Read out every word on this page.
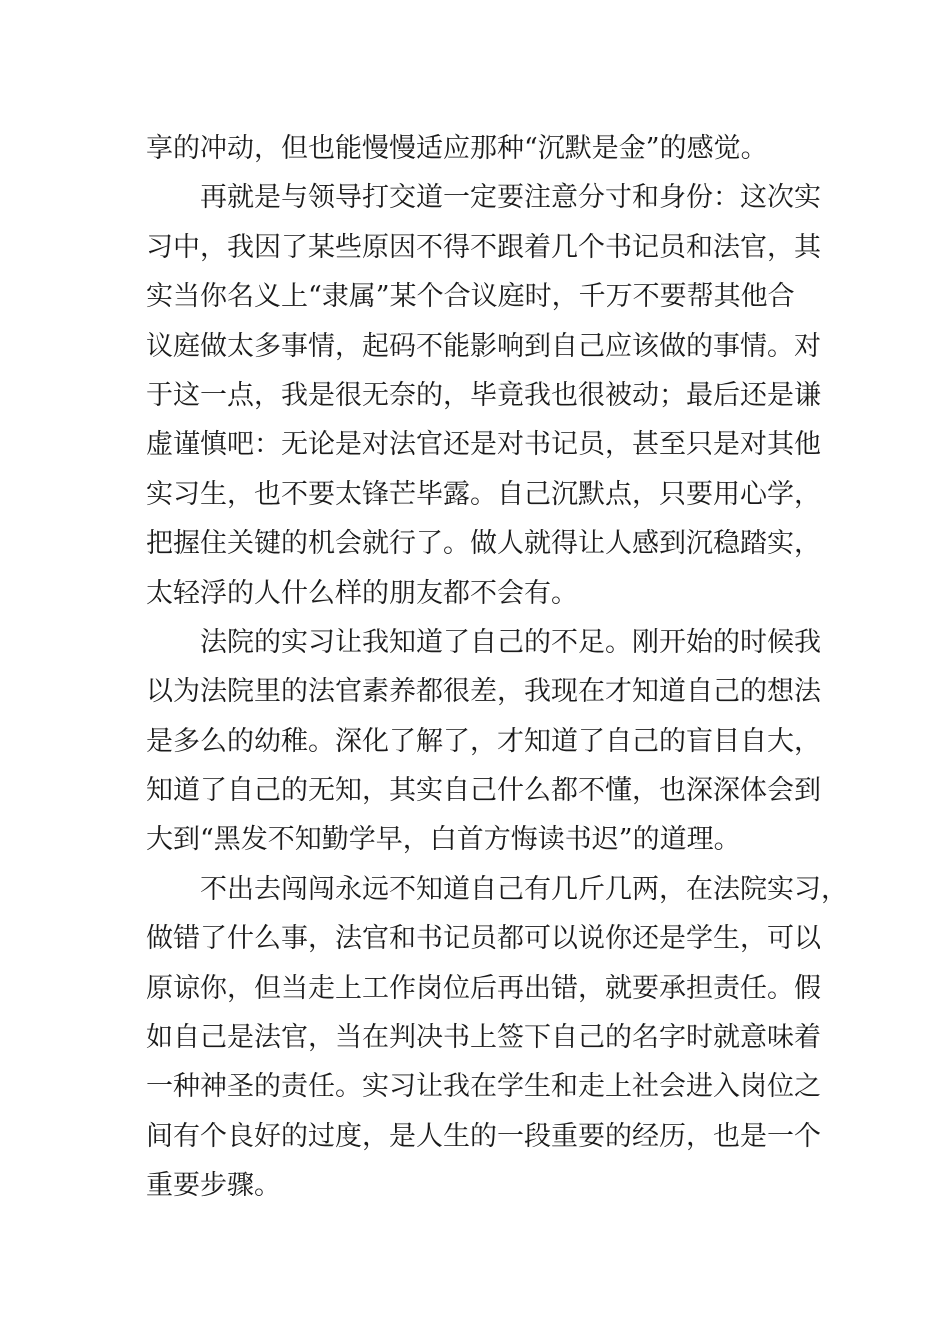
享的冲动，但也能慢慢适应那种“沉默是金”的感觉。
再就是与领导打交道一定要注意分寸和身份：这次实
习中，我因了某些原因不得不跟着几个书记员和法官，其
实当你名义上“隶属”某个合议庭时，千万不要帮其他合
议庭做太多事情，起码不能影响到自己应该做的事情。对
于这一点，我是很无奈的，毕竟我也很被动；最后还是谦
虚谨慎吧：无论是对法官还是对书记员，甚至只是对其他
实习生，也不要太锋芒毕露。自己沉默点，只要用心学，
把握住关键的机会就行了。做人就得让人感到沉稳踏实，
太轻浮的人什么样的朋友都不会有。
法院的实习让我知道了自己的不足。刚开始的时候我
以为法院里的法官素养都很差，我现在才知道自己的想法
是多么的幼稚。深化了解了，才知道了自己的盲目自大，
知道了自己的无知，其实自己什么都不懂，也深深体会到
大到“黑发不知勤学早，白首方悔读书迟”的道理。
不出去闯闯永远不知道自己有几斤几两，在法院实习，
做错了什么事，法官和书记员都可以说你还是学生，可以
原谅你，但当走上工作岗位后再出错，就要承担责任。假
如自己是法官，当在判决书上签下自己的名字时就意味着
一种神圣的责任。实习让我在学生和走上社会进入岗位之
间有个良好的过度，是人生的一段重要的经历，也是一个
重要步骤。
